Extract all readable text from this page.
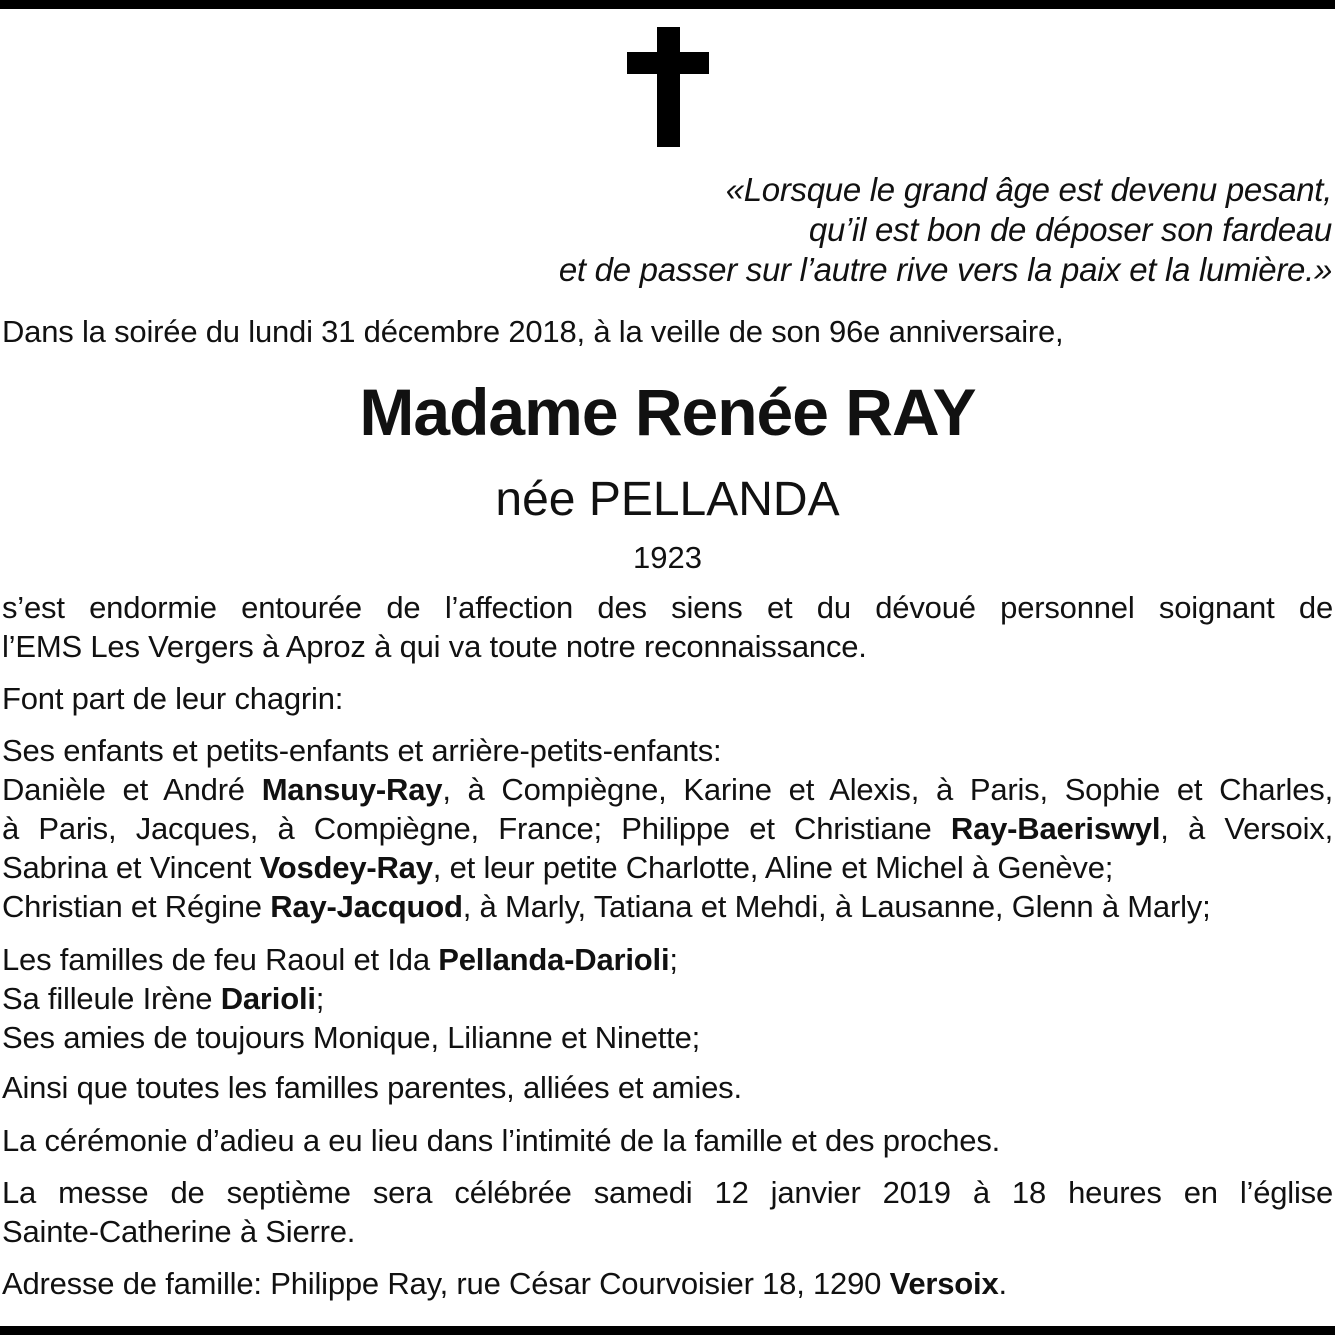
«Lorsque le grand âge est devenu pesant,
qu’il est bon de déposer son fardeau
et de passer sur l’autre rive vers la paix et la lumière.»
Dans la soirée du lundi 31 décembre 2018, à la veille de son 96e anniversaire,
Madame Renée RAY
née PELLANDA
1923
s’est endormie entourée de l’affection des siens et du dévoué personnel soignant de
l’EMS Les Vergers à Aproz à qui va toute notre reconnaissance.
Font part de leur chagrin:
Ses enfants et petits-enfants et arrière-petits-enfants:
Danièle et André Mansuy-Ray, à Compiègne, Karine et Alexis, à Paris, Sophie et Charles,
à Paris, Jacques, à Compiègne, France; Philippe et Christiane Ray-Baeriswyl, à Versoix,
Sabrina et Vincent Vosdey-Ray, et leur petite Charlotte, Aline et Michel à Genève;
Christian et Régine Ray-Jacquod, à Marly, Tatiana et Mehdi, à Lausanne, Glenn à Marly;
Les familles de feu Raoul et Ida Pellanda-Darioli;
Sa filleule Irène Darioli;
Ses amies de toujours Monique, Lilianne et Ninette;
Ainsi que toutes les familles parentes, alliées et amies.
La cérémonie d’adieu a eu lieu dans l’intimité de la famille et des proches.
La messe de septième sera célébrée samedi 12 janvier 2019 à 18 heures en l’église
Sainte-Catherine à Sierre.
Adresse de famille: Philippe Ray, rue César Courvoisier 18, 1290 Versoix.
